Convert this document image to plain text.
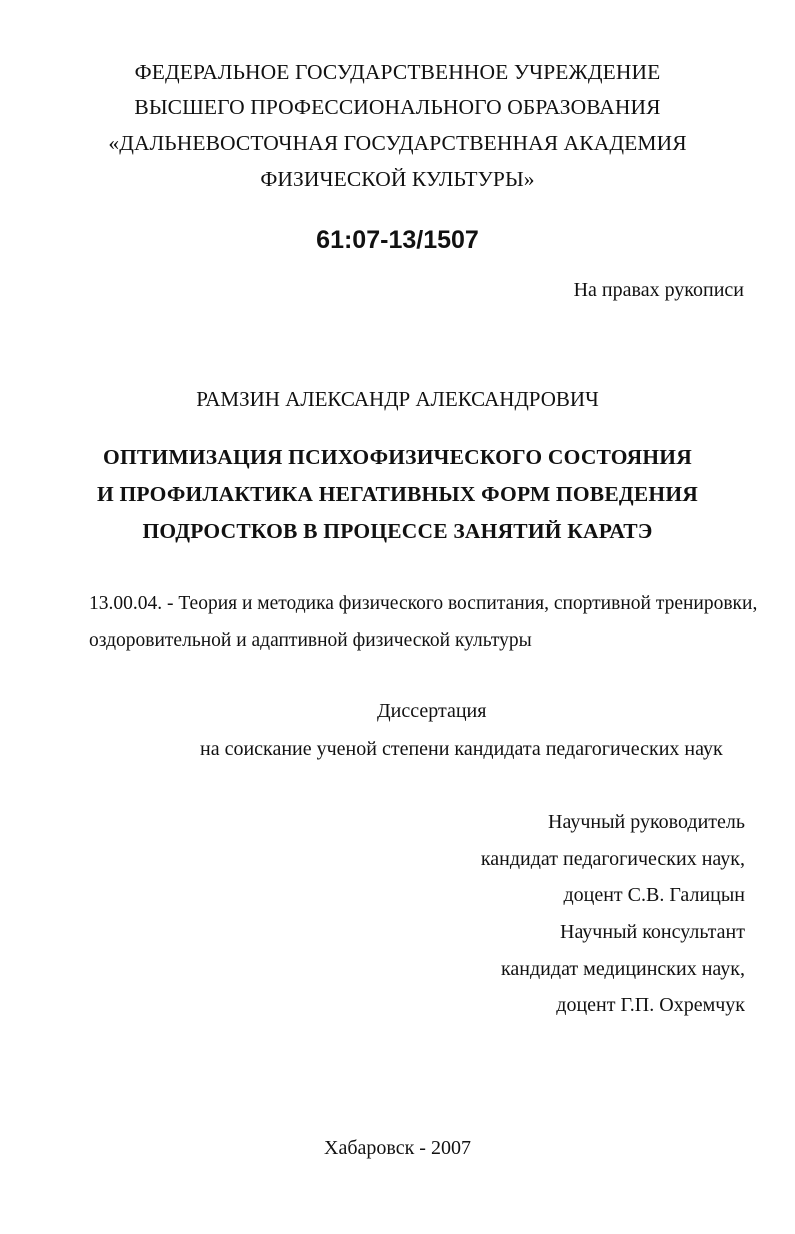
ФЕДЕРАЛЬНОЕ ГОСУДАРСТВЕННОЕ УЧРЕЖДЕНИЕ
ВЫСШЕГО ПРОФЕССИОНАЛЬНОГО ОБРАЗОВАНИЯ
«ДАЛЬНЕВОСТОЧНАЯ ГОСУДАРСТВЕННАЯ АКАДЕМИЯ
ФИЗИЧЕСКОЙ КУЛЬТУРЫ»
61:07-13/1507
На правах рукописи
РАМЗИН АЛЕКСАНДР АЛЕКСАНДРОВИЧ
ОПТИМИЗАЦИЯ ПСИХОФИЗИЧЕСКОГО СОСТОЯНИЯ
И ПРОФИЛАКТИКА НЕГАТИВНЫХ ФОРМ ПОВЕДЕНИЯ
ПОДРОСТКОВ В ПРОЦЕССЕ ЗАНЯТИЙ КАРАТЭ
13.00.04. - Теория и методика физического воспитания, спортивной тренировки,
оздоровительной и адаптивной физической культуры
Диссертация
на соискание ученой степени кандидата педагогических наук
Научный руководитель
кандидат педагогических наук,
доцент С.В. Галицын
Научный консультант
кандидат медицинских наук,
доцент Г.П. Охремчук
Хабаровск - 2007
